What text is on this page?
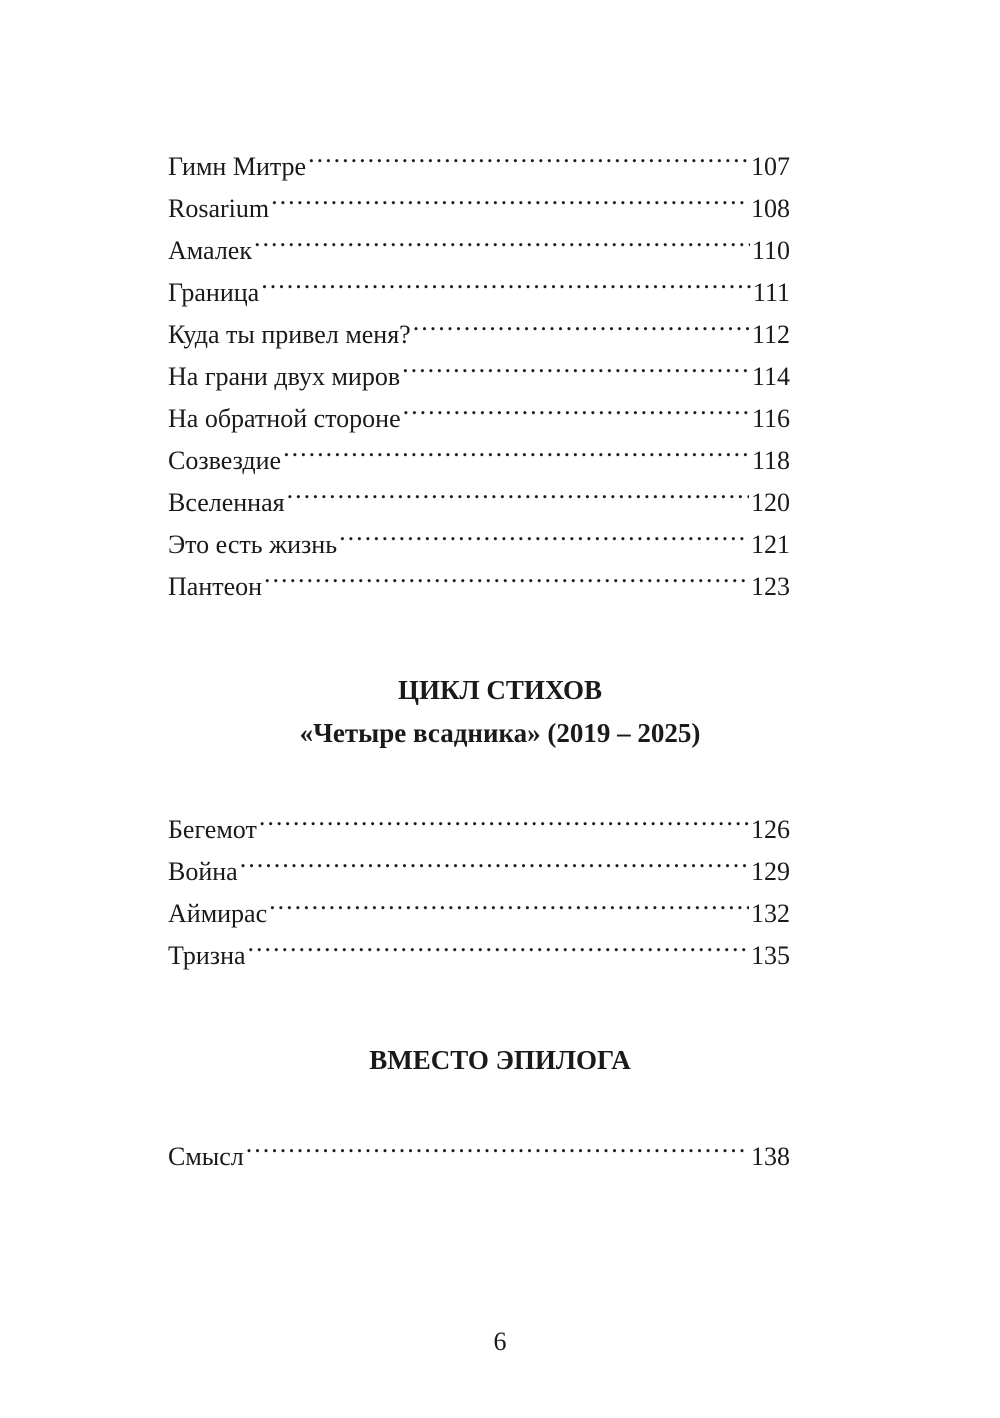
Гимн Митре .....	107
Rosarium .....	108
Амалек .....	110
Граница .....	111
Куда ты привел меня? .....	112
На грани двух миров .....	114
На обратной стороне .....	116
Созвездие .....	118
Вселенная .....	120
Это есть жизнь .....	121
Пантеон .....	123
ЦИКЛ СТИХОВ
«Четыре всадника» (2019 – 2025)
Бегемот .....	126
Война .....	129
Аймирас .....	132
Тризна .....	135
ВМЕСТО ЭПИЛОГА
Смысл .....	138
6
